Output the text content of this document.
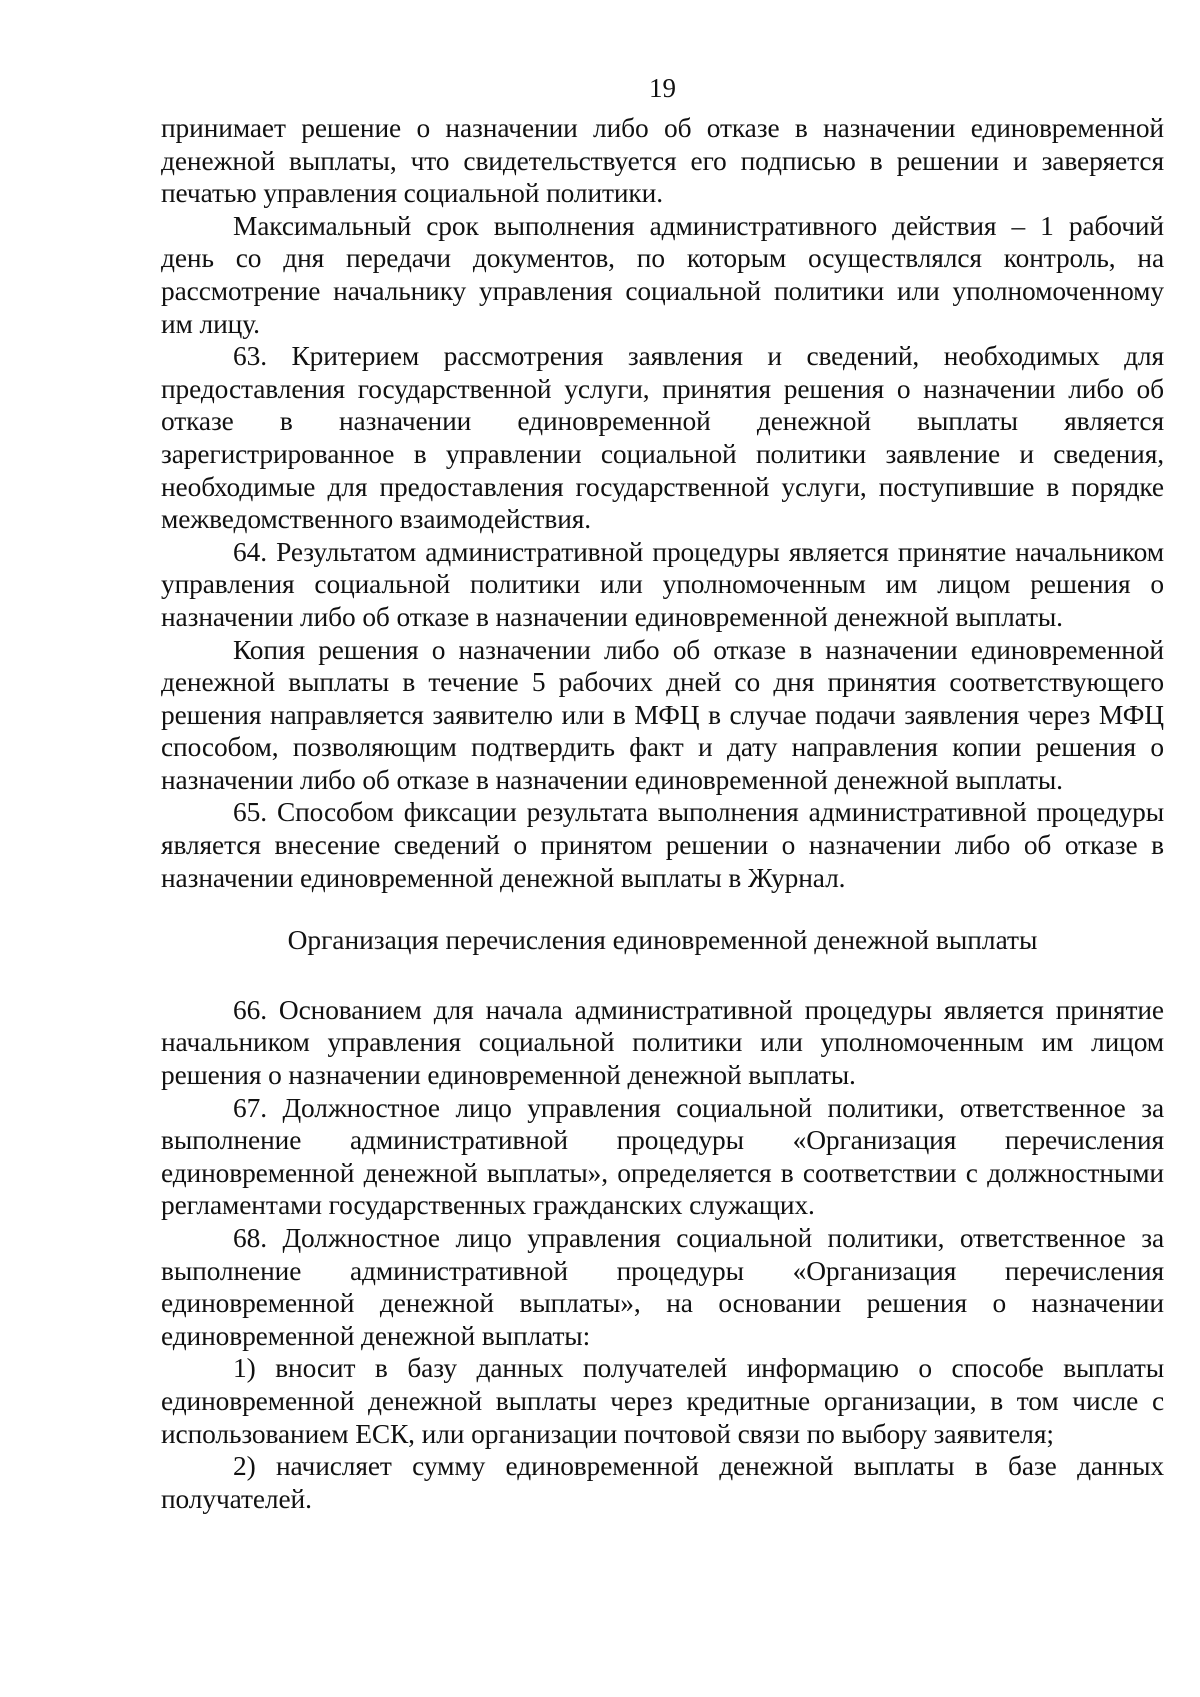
19

принимает решение о назначении либо об отказе в назначении единовременной денежной выплаты, что свидетельствуется его подписью в решении и заверяется печатью управления социальной политики.

Максимальный срок выполнения административного действия – 1 рабочий день со дня передачи документов, по которым осуществлялся контроль, на рассмотрение начальнику управления социальной политики или уполномоченному им лицу.

63. Критерием рассмотрения заявления и сведений, необходимых для предоставления государственной услуги, принятия решения о назначении либо об отказе в назначении единовременной денежной выплаты является зарегистрированное в управлении социальной политики заявление и сведения, необходимые для предоставления государственной услуги, поступившие в порядке межведомственного взаимодействия.

64. Результатом административной процедуры является принятие начальником управления социальной политики или уполномоченным им лицом решения о назначении либо об отказе в назначении единовременной денежной выплаты.

Копия решения о назначении либо об отказе в назначении единовременной денежной выплаты в течение 5 рабочих дней со дня принятия соответствующего решения направляется заявителю или в МФЦ в случае подачи заявления через МФЦ способом, позволяющим подтвердить факт и дату направления копии решения о назначении либо об отказе в назначении единовременной денежной выплаты.

65. Способом фиксации результата выполнения административной процедуры является внесение сведений о принятом решении о назначении либо об отказе в назначении единовременной денежной выплаты в Журнал.

Организация перечисления единовременной денежной выплаты

66. Основанием для начала административной процедуры является принятие начальником управления социальной политики или уполномоченным им лицом решения о назначении единовременной денежной выплаты.

67. Должностное лицо управления социальной политики, ответственное за выполнение административной процедуры «Организация перечисления единовременной денежной выплаты», определяется в соответствии с должностными регламентами государственных гражданских служащих.

68. Должностное лицо управления социальной политики, ответственное за выполнение административной процедуры «Организация перечисления единовременной денежной выплаты», на основании решения о назначении единовременной денежной выплаты:

1) вносит в базу данных получателей информацию о способе выплаты единовременной денежной выплаты через кредитные организации, в том числе с использованием ЕСК, или организации почтовой связи по выбору заявителя;

2) начисляет сумму единовременной денежной выплаты в базе данных получателей.
